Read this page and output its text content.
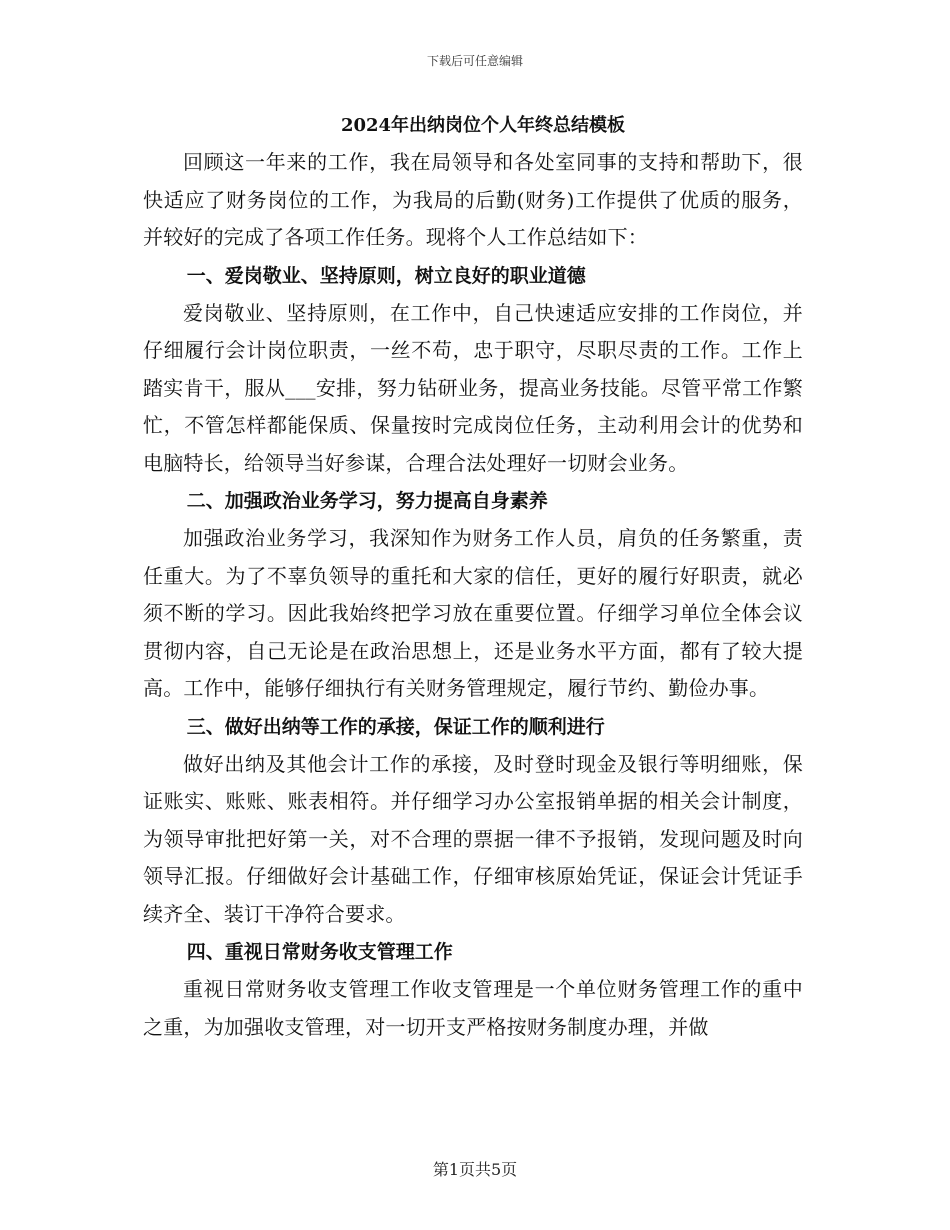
下载后可任意编辑

2024年出纳岗位个人年终总结模板

回顾这一年来的工作，我在局领导和各处室同事的支持和帮助下，很快适应了财务岗位的工作，为我局的后勤(财务)工作提供了优质的服务，并较好的完成了各项工作任务。现将个人工作总结如下：

一、爱岗敬业、坚持原则，树立良好的职业道德

爱岗敬业、坚持原则，在工作中，自己快速适应安排的工作岗位，并仔细履行会计岗位职责，一丝不苟，忠于职守，尽职尽责的工作。工作上踏实肯干，服从___安排，努力钻研业务，提高业务技能。尽管平常工作繁忙，不管怎样都能保质、保量按时完成岗位任务，主动利用会计的优势和电脑特长，给领导当好参谋，合理合法处理好一切财会业务。

二、加强政治业务学习，努力提高自身素养

加强政治业务学习，我深知作为财务工作人员，肩负的任务繁重，责任重大。为了不辜负领导的重托和大家的信任，更好的履行好职责，就必须不断的学习。因此我始终把学习放在重要位置。仔细学习单位全体会议贯彻内容，自己无论是在政治思想上，还是业务水平方面，都有了较大提高。工作中，能够仔细执行有关财务管理规定，履行节约、勤俭办事。

三、做好出纳等工作的承接，保证工作的顺利进行

做好出纳及其他会计工作的承接，及时登时现金及银行等明细账，保证账实、账账、账表相符。并仔细学习办公室报销单据的相关会计制度，为领导审批把好第一关，对不合理的票据一律不予报销，发现问题及时向领导汇报。仔细做好会计基础工作，仔细审核原始凭证，保证会计凭证手续齐全、装订干净符合要求。

四、重视日常财务收支管理工作

重视日常财务收支管理工作收支管理是一个单位财务管理工作的重中之重，为加强收支管理，对一切开支严格按财务制度办理，并做

第1页共5页
